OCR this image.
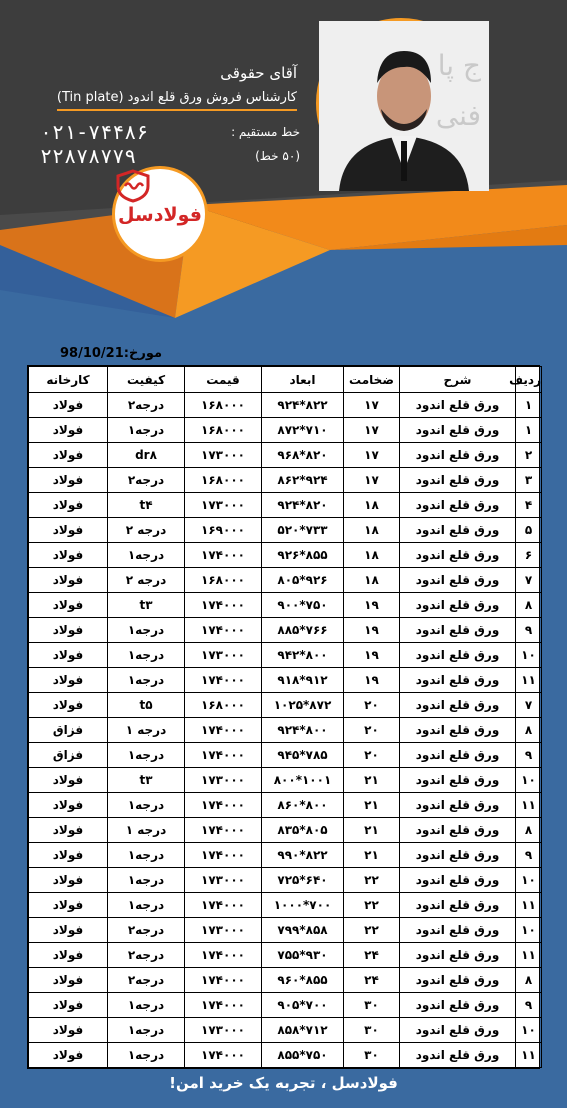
ج پا
فنی
آقای حقوقی
کارشناس فروش ورق قلع اندود (Tin plate)
۰۲۱-۷۴۴۸۶	خط مستقیم :
۲۲۸۷۸۷۷۹	(۵۰ خط)
فولادسل
مورخ:98/10/21
ردیف	شرح	ضخامت	ابعاد	قیمت	کیفیت	کارخانه
۱	ورق قلع اندود	۱۷	۸۲۲*۹۲۴	۱۶۸۰۰۰	درجه۲	فولاد
۱	ورق قلع اندود	۱۷	۷۱۰*۸۷۲	۱۶۸۰۰۰	درجه۱	فولاد
۲	ورق قلع اندود	۱۷	۸۲۰*۹۶۸	۱۷۳۰۰۰	dr۸	فولاد
۳	ورق قلع اندود	۱۷	۹۲۴*۸۶۲	۱۶۸۰۰۰	درجه۲	فولاد
۴	ورق قلع اندود	۱۸	۸۲۰*۹۲۴	۱۷۳۰۰۰	t۴	فولاد
۵	ورق قلع اندود	۱۸	۷۳۳*۵۲۰	۱۶۹۰۰۰	درجه ۲	فولاد
۶	ورق قلع اندود	۱۸	۸۵۵*۹۲۶	۱۷۴۰۰۰	درجه۱	فولاد
۷	ورق قلع اندود	۱۸	۹۲۶*۸۰۵	۱۶۸۰۰۰	درجه ۲	فولاد
۸	ورق قلع اندود	۱۹	۷۵۰*۹۰۰	۱۷۴۰۰۰	t۳	فولاد
۹	ورق قلع اندود	۱۹	۷۶۶*۸۸۵	۱۷۴۰۰۰	درجه۱	فولاد
۱۰	ورق قلع اندود	۱۹	۸۰۰*۹۴۲	۱۷۳۰۰۰	درجه۱	فولاد
۱۱	ورق قلع اندود	۱۹	۹۱۲*۹۱۸	۱۷۴۰۰۰	درجه۱	فولاد
۷	ورق قلع اندود	۲۰	۸۷۲*۱۰۲۵	۱۶۸۰۰۰	t۵	فولاد
۸	ورق قلع اندود	۲۰	۸۰۰*۹۲۴	۱۷۴۰۰۰	درجه ۱	فزاق
۹	ورق قلع اندود	۲۰	۷۸۵*۹۴۵	۱۷۴۰۰۰	درجه۱	فزاق
۱۰	ورق قلع اندود	۲۱	۱۰۰۱*۸۰۰	۱۷۳۰۰۰	t۳	فولاد
۱۱	ورق قلع اندود	۲۱	۸۰۰*۸۶۰	۱۷۴۰۰۰	درجه۱	فولاد
۸	ورق قلع اندود	۲۱	۸۰۵*۸۳۵	۱۷۴۰۰۰	درجه ۱	فولاد
۹	ورق قلع اندود	۲۱	۸۲۲*۹۹۰	۱۷۴۰۰۰	درجه۱	فولاد
۱۰	ورق قلع اندود	۲۲	۶۴۰*۷۲۵	۱۷۳۰۰۰	درجه۱	فولاد
۱۱	ورق قلع اندود	۲۲	۷۰۰*۱۰۰۰	۱۷۴۰۰۰	درجه۱	فولاد
۱۰	ورق قلع اندود	۲۲	۸۵۸*۷۹۹	۱۷۳۰۰۰	درجه۲	فولاد
۱۱	ورق قلع اندود	۲۴	۹۳۰*۷۵۵	۱۷۴۰۰۰	درجه۲	فولاد
۸	ورق قلع اندود	۲۴	۸۵۵*۹۶۰	۱۷۴۰۰۰	درجه۲	فولاد
۹	ورق قلع اندود	۳۰	۷۰۰*۹۰۵	۱۷۴۰۰۰	درجه۱	فولاد
۱۰	ورق قلع اندود	۳۰	۷۱۲*۸۵۸	۱۷۳۰۰۰	درجه۱	فولاد
۱۱	ورق قلع اندود	۳۰	۷۵۰*۸۵۵	۱۷۴۰۰۰	درجه۱	فولاد
فولادسل ، تجربه یک خرید امن!
